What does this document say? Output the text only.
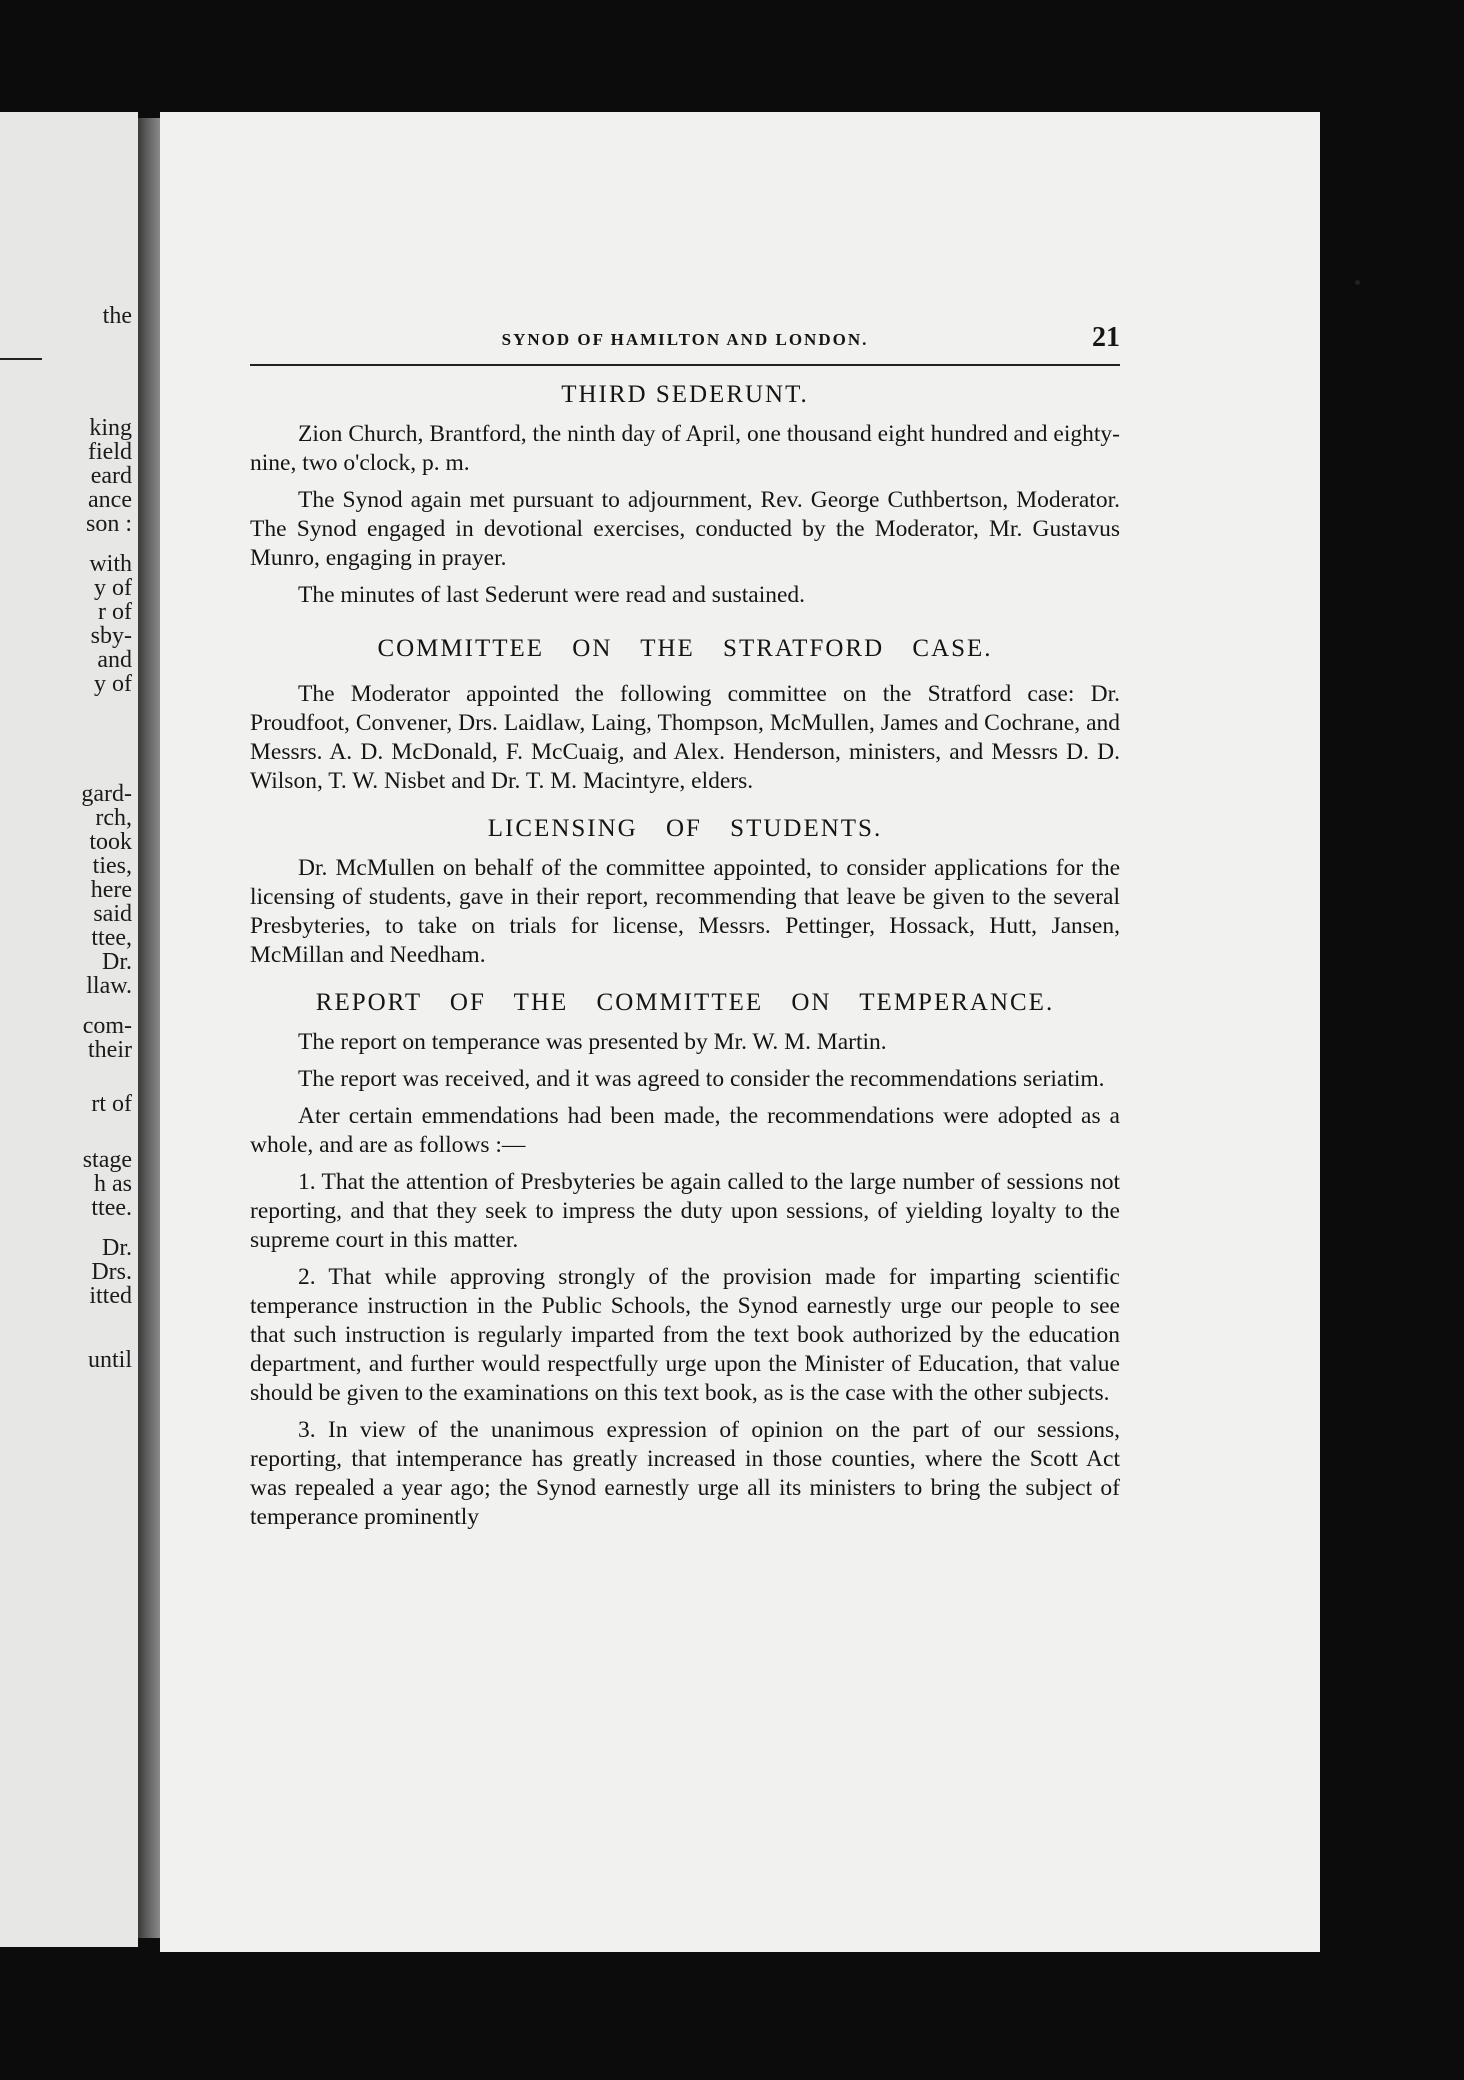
the

king

field

eard

ance

son :

with

y of

r of

sby-

and

y of

gard-

rch,

took

ties,

here

said

ttee,

Dr.

llaw.

com-

their

rt of

stage

h as

ttee.

Dr.

Drs.

itted

until

SYNOD OF HAMILTON AND LONDON.	21
THIRD SEDERUNT.

Zion Church, Brantford, the ninth day of April, one thousand eight hundred and eighty-nine, two o'clock, p. m.

The Synod again met pursuant to adjournment, Rev. George Cuthbertson, Moderator. The Synod engaged in devotional exercises, conducted by the Moderator, Mr. Gustavus Munro, engaging in prayer.

The minutes of last Sederunt were read and sustained.

COMMITTEE ON THE STRATFORD CASE.

The Moderator appointed the following committee on the Stratford case: Dr. Proudfoot, Convener, Drs. Laidlaw, Laing, Thompson, McMullen, James and Cochrane, and Messrs. A. D. McDonald, F. McCuaig, and Alex. Henderson, ministers, and Messrs D. D. Wilson, T. W. Nisbet and Dr. T. M. Macintyre, elders.

LICENSING OF STUDENTS.

Dr. McMullen on behalf of the committee appointed, to consider applications for the licensing of students, gave in their report, recommending that leave be given to the several Presbyteries, to take on trials for license, Messrs. Pettinger, Hossack, Hutt, Jansen, McMillan and Needham.

REPORT OF THE COMMITTEE ON TEMPERANCE.

The report on temperance was presented by Mr. W. M. Martin.

The report was received, and it was agreed to consider the recommendations seriatim.

Ater certain emmendations had been made, the recommendations were adopted as a whole, and are as follows :—

1. That the attention of Presbyteries be again called to the large number of sessions not reporting, and that they seek to impress the duty upon sessions, of yielding loyalty to the supreme court in this matter.

2. That while approving strongly of the provision made for imparting scientific temperance instruction in the Public Schools, the Synod earnestly urge our people to see that such instruction is regularly imparted from the text book authorized by the education department, and further would respectfully urge upon the Minister of Education, that value should be given to the examinations on this text book, as is the case with the other subjects.

3. In view of the unanimous expression of opinion on the part of our sessions, reporting, that intemperance has greatly increased in those counties, where the Scott Act was repealed a year ago; the Synod earnestly urge all its ministers to bring the subject of temperance prominently
